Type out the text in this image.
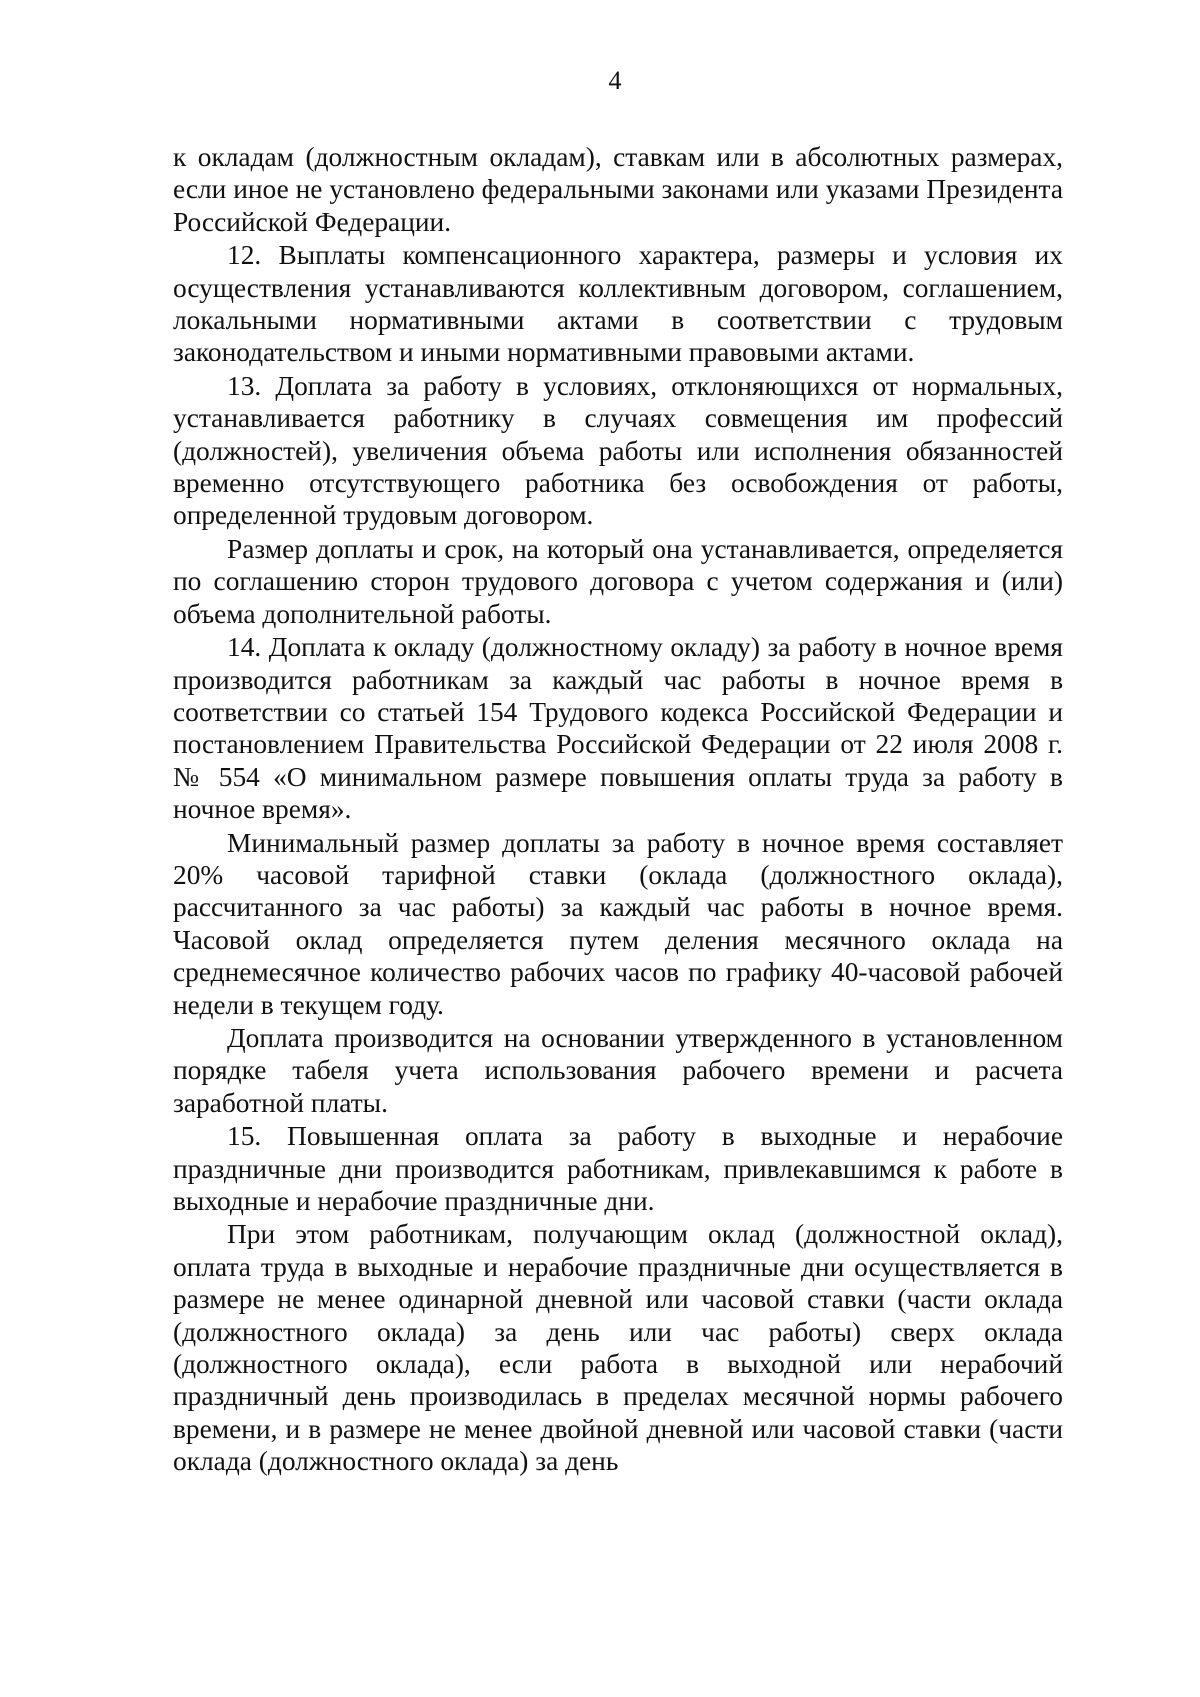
4

к окладам (должностным окладам), ставкам или в абсолютных размерах, если иное не установлено федеральными законами или указами Президента Российской Федерации.

12. Выплаты компенсационного характера, размеры и условия их осуществления устанавливаются коллективным договором, соглашением, локальными нормативными актами в соответствии с трудовым законодательством и иными нормативными правовыми актами.

13. Доплата за работу в условиях, отклоняющихся от нормальных, устанавливается работнику в случаях совмещения им профессий (должностей), увеличения объема работы или исполнения обязанностей временно отсутствующего работника без освобождения от работы, определенной трудовым договором.

Размер доплаты и срок, на который она устанавливается, определяется по соглашению сторон трудового договора с учетом содержания и (или) объема дополнительной работы.

14. Доплата к окладу (должностному окладу) за работу в ночное время производится работникам за каждый час работы в ночное время в соответствии со статьей 154 Трудового кодекса Российской Федерации и постановлением Правительства Российской Федерации от 22 июля 2008 г. № 554 «О минимальном размере повышения оплаты труда за работу в ночное время».

Минимальный размер доплаты за работу в ночное время составляет 20% часовой тарифной ставки (оклада (должностного оклада), рассчитанного за час работы) за каждый час работы в ночное время. Часовой оклад определяется путем деления месячного оклада на среднемесячное количество рабочих часов по графику 40-часовой рабочей недели в текущем году.

Доплата производится на основании утвержденного в установленном порядке табеля учета использования рабочего времени и расчета заработной платы.

15. Повышенная оплата за работу в выходные и нерабочие праздничные дни производится работникам, привлекавшимся к работе в выходные и нерабочие праздничные дни.

При этом работникам, получающим оклад (должностной оклад), оплата труда в выходные и нерабочие праздничные дни осуществляется в размере не менее одинарной дневной или часовой ставки (части оклада (должностного оклада) за день или час работы) сверх оклада (должностного оклада), если работа в выходной или нерабочий праздничный день производилась в пределах месячной нормы рабочего времени, и в размере не менее двойной дневной или часовой ставки (части оклада (должностного оклада) за день
